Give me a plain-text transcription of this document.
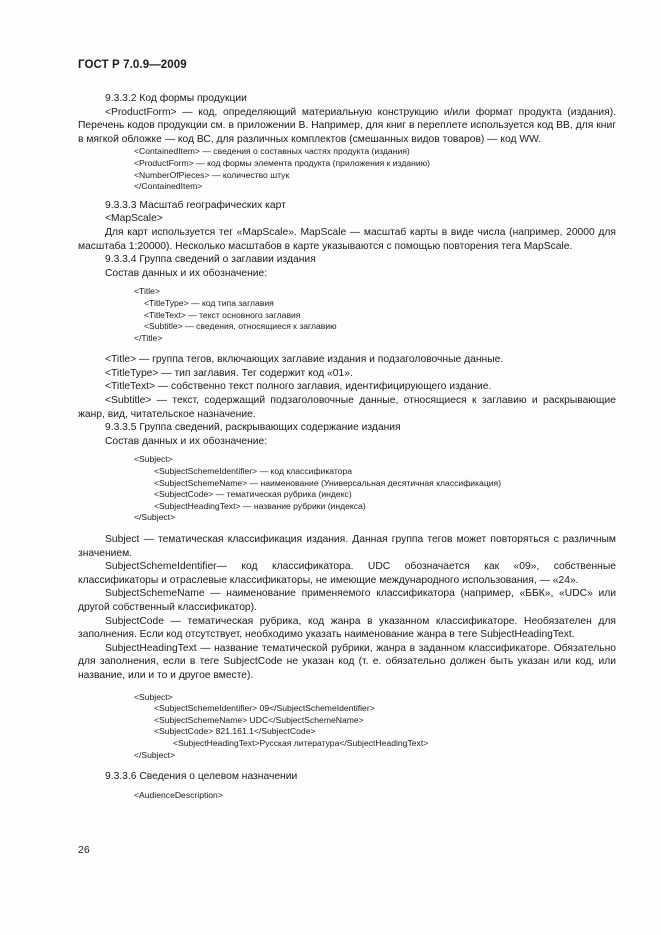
ГОСТ Р 7.0.9—2009

9.3.3.2 Код формы продукции

<ProductForm> — код, определяющий материальную конструкцию и/или формат продукта (издания). Перечень кодов продукции см. в приложении В. Например, для книг в переплете используется код ВВ, для книг в мягкой обложке — код ВС, для различных комплектов (смешанных видов товаров) — код WW.

<ContainedItem> — сведения о составных частях продукта (издания)

<ProductForm> — код формы элемента продукта (приложения к изданию)

<NumberOfPieces> — количество штук

</ContainedItem>

9.3.3.3 Масштаб географических карт

<MapScale>

Для карт используется тег «MapScale». MapScale — масштаб карты в виде числа (например, 20000 для масштаба 1:20000). Несколько масштабов в карте указываются с помощью повторения тега MapScale.

9.3.3.4 Группа сведений о заглавии издания

Состав данных и их обозначение:

<Title>

<TitleType> — код типа заглавия

<TitleText> — текст основного заглавия

<Subtitle> — сведения, относящиеся к заглавию

</Title>

<Title> — группа тегов, включающих заглавие издания и подзаголовочные данные.

<TitleType> — тип заглавия. Тег содержит код «01».

<TitleText> — собственно текст полного заглавия, идентифицирующего издание.

<Subtitle> — текст, содержащий подзаголовочные данные, относящиеся к заглавию и раскрывающие жанр, вид, читательское назначение.

9.3.3.5 Группа сведений, раскрывающих содержание издания

Состав данных и их обозначение:

<Subject>

<SubjectSchemeIdentifier> — код классификатора

<SubjectSchemeName> — наименование (Универсальная десятичная классификация)

<SubjectCode> — тематическая рубрика (индекс)

<SubjectHeadingText> — название рубрики (индекса)

</Subject>

Subject — тематическая классификация издания. Данная группа тегов может повторяться с различным значением.

SubjectSchemeIdentifier— код классификатора. UDC обозначается как «09», собственные классификаторы и отраслевые классификаторы, не имеющие международного использования, — «24».

SubjectSchemeName — наименование применяемого классификатора (например, «ББК», «UDC» или другой собственный классификатор).

SubjectCode — тематическая рубрика, код жанра в указанном классификаторе. Необязателен для заполнения. Если код отсутствует, необходимо указать наименование жанра в теге SubjectHeadingText.

SubjectHeadingText — название тематической рубрики, жанра в заданном классификаторе. Обязательно для заполнения, если в теге SubjectCode не указан код (т. е. обязательно должен быть указан или код, или название, или и то и другое вместе).

<Subject>

<SubjectSchemeIdentifier> 09</SubjectSchemeIdentifier>

<SubjectSchemeName> UDC</SubjectSchemeName>

<SubjectCode> 821.161.1</SubjectCode>

<SubjectHeadingText>Русская литература</SubjectHeadingText>

</Subject>

9.3.3.6 Сведения о целевом назначении

<AudienceDescription>

26
